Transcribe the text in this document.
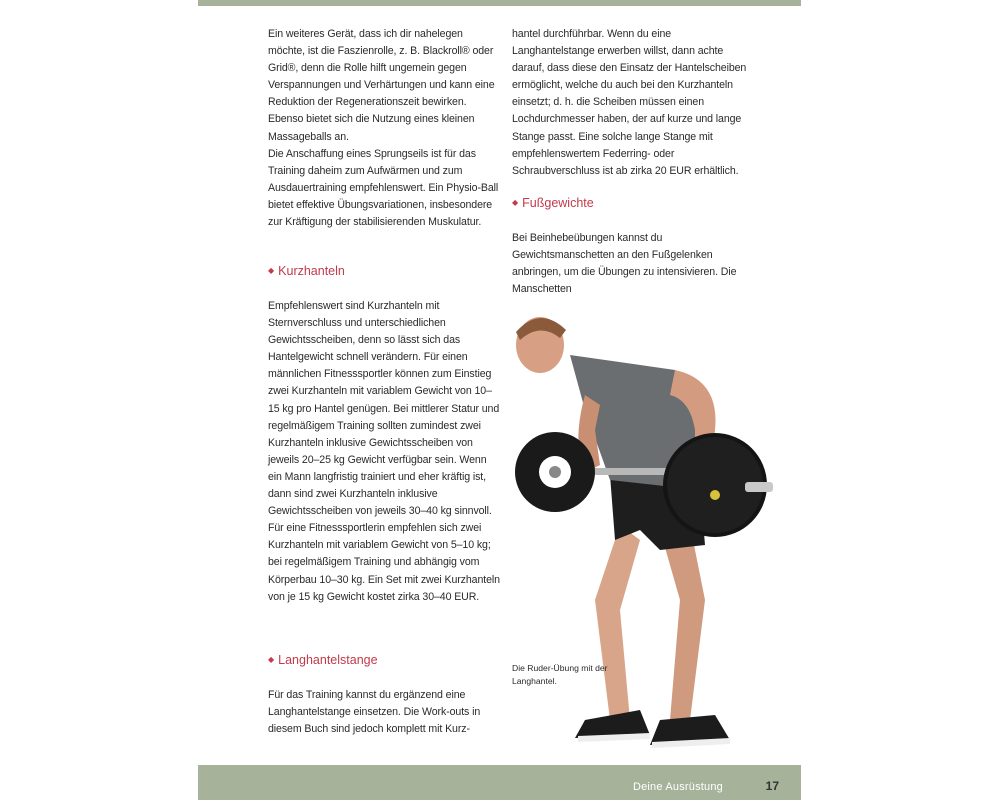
Ein weiteres Gerät, dass ich dir nahelegen möchte, ist die Faszienrolle, z. B. Blackroll® oder Grid®, denn die Rolle hilft ungemein gegen Verspannungen und Verhärtungen und kann eine Reduktion der Regenerationszeit bewirken. Ebenso bietet sich die Nutzung eines kleinen Massageballs an.

Die Anschaffung eines Sprungseils ist für das Training daheim zum Aufwärmen und zum Ausdauertraining empfehlenswert. Ein Physio-Ball bietet effektive Übungsvariationen, insbesondere zur Kräftigung der stabilisierenden Muskulatur.

◆ Kurzhanteln

Empfehlenswert sind Kurzhanteln mit Sternverschluss und unterschiedlichen Gewichtsscheiben, denn so lässt sich das Hantelgewicht schnell verändern. Für einen männlichen Fitnesssportler können zum Einstieg zwei Kurzhanteln mit variablem Gewicht von 10–15 kg pro Hantel genügen. Bei mittlerer Statur und regelmäßigem Training sollten zumindest zwei Kurzhanteln inklusive Gewichtsscheiben von jeweils 20–25 kg Gewicht verfügbar sein. Wenn ein Mann langfristig trainiert und eher kräftig ist, dann sind zwei Kurzhanteln inklusive Gewichtsscheiben von jeweils 30–40 kg sinnvoll. Für eine Fitnesssportlerin empfehlen sich zwei Kurzhanteln mit variablem Gewicht von 5–10 kg; bei regelmäßigem Training und abhängig vom Körperbau 10–30 kg. Ein Set mit zwei Kurzhanteln von je 15 kg Gewicht kostet zirka 30–40 EUR.

◆ Langhantelstange

Für das Training kannst du ergänzend eine Langhantelstange einsetzen. Die Work-outs in diesem Buch sind jedoch komplett mit Kurz-

hantel durchführbar. Wenn du eine Langhantelstange erwerben willst, dann achte darauf, dass diese den Einsatz der Hantelscheiben ermöglicht, welche du auch bei den Kurzhanteln einsetzt; d. h. die Scheiben müssen einen Lochdurchmesser haben, der auf kurze und lange Stange passt. Eine solche lange Stange mit empfehlenswertem Federring- oder Schraubverschluss ist ab zirka 20 EUR erhältlich.

◆ Fußgewichte

Bei Beinhebeübungen kannst du Gewichtsmanschetten an den Fußgelenken anbringen, um die Übungen zu intensivieren. Die Manschetten

Die Ruder-Übung mit der Langhantel.
Deine Ausrüstung	17
